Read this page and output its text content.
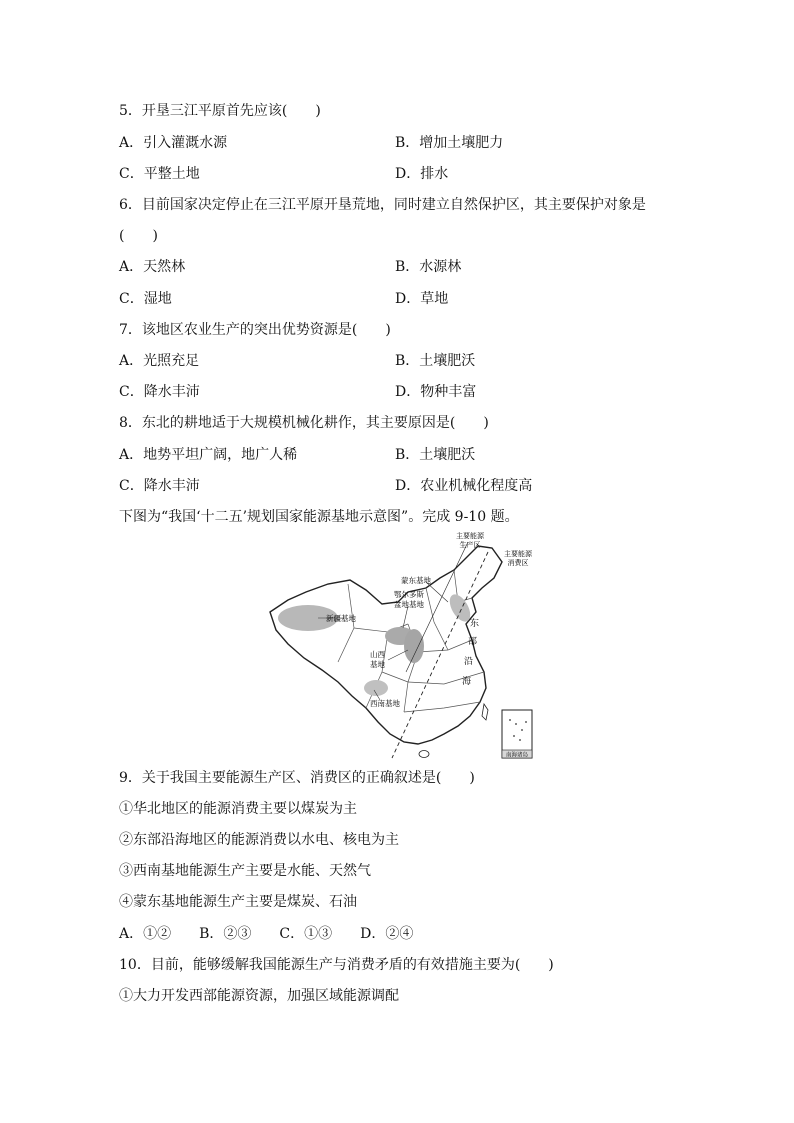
5．开垦三江平原首先应该(　　)
A．引入灌溉水源	B．增加土壤肥力
C．平整土地	D．排水
6．目前国家决定停止在三江平原开垦荒地，同时建立自然保护区，其主要保护对象是
(　　)
A．天然林	B．水源林
C．湿地	D．草地
7．该地区农业生产的突出优势资源是(　　)
A．光照充足	B．土壤肥沃
C．降水丰沛	D．物种丰富
8．东北的耕地适于大规模机械化耕作，其主要原因是(　　)
A．地势平坦广阔，地广人稀	B．土壤肥沃
C．降水丰沛	D．农业机械化程度高
下图为“我国‘十二五’规划国家能源基地示意图”。完成 9-10 题。
主要能源
生产区
主要能源
消费区
蒙东基地
鄂尔多斯
盆地基地
新疆基地
山西
基地
西南基地
东
部
沿
海
南海诸岛
9．关于我国主要能源生产区、消费区的正确叙述是(　　)
①华北地区的能源消费主要以煤炭为主
②东部沿海地区的能源消费以水电、核电为主
③西南基地能源生产主要是水能、天然气
④蒙东基地能源生产主要是煤炭、石油
A．①②　　B．②③　　C．①③　　D．②④
10．目前，能够缓解我国能源生产与消费矛盾的有效措施主要为(　　)
①大力开发西部能源资源，加强区域能源调配
